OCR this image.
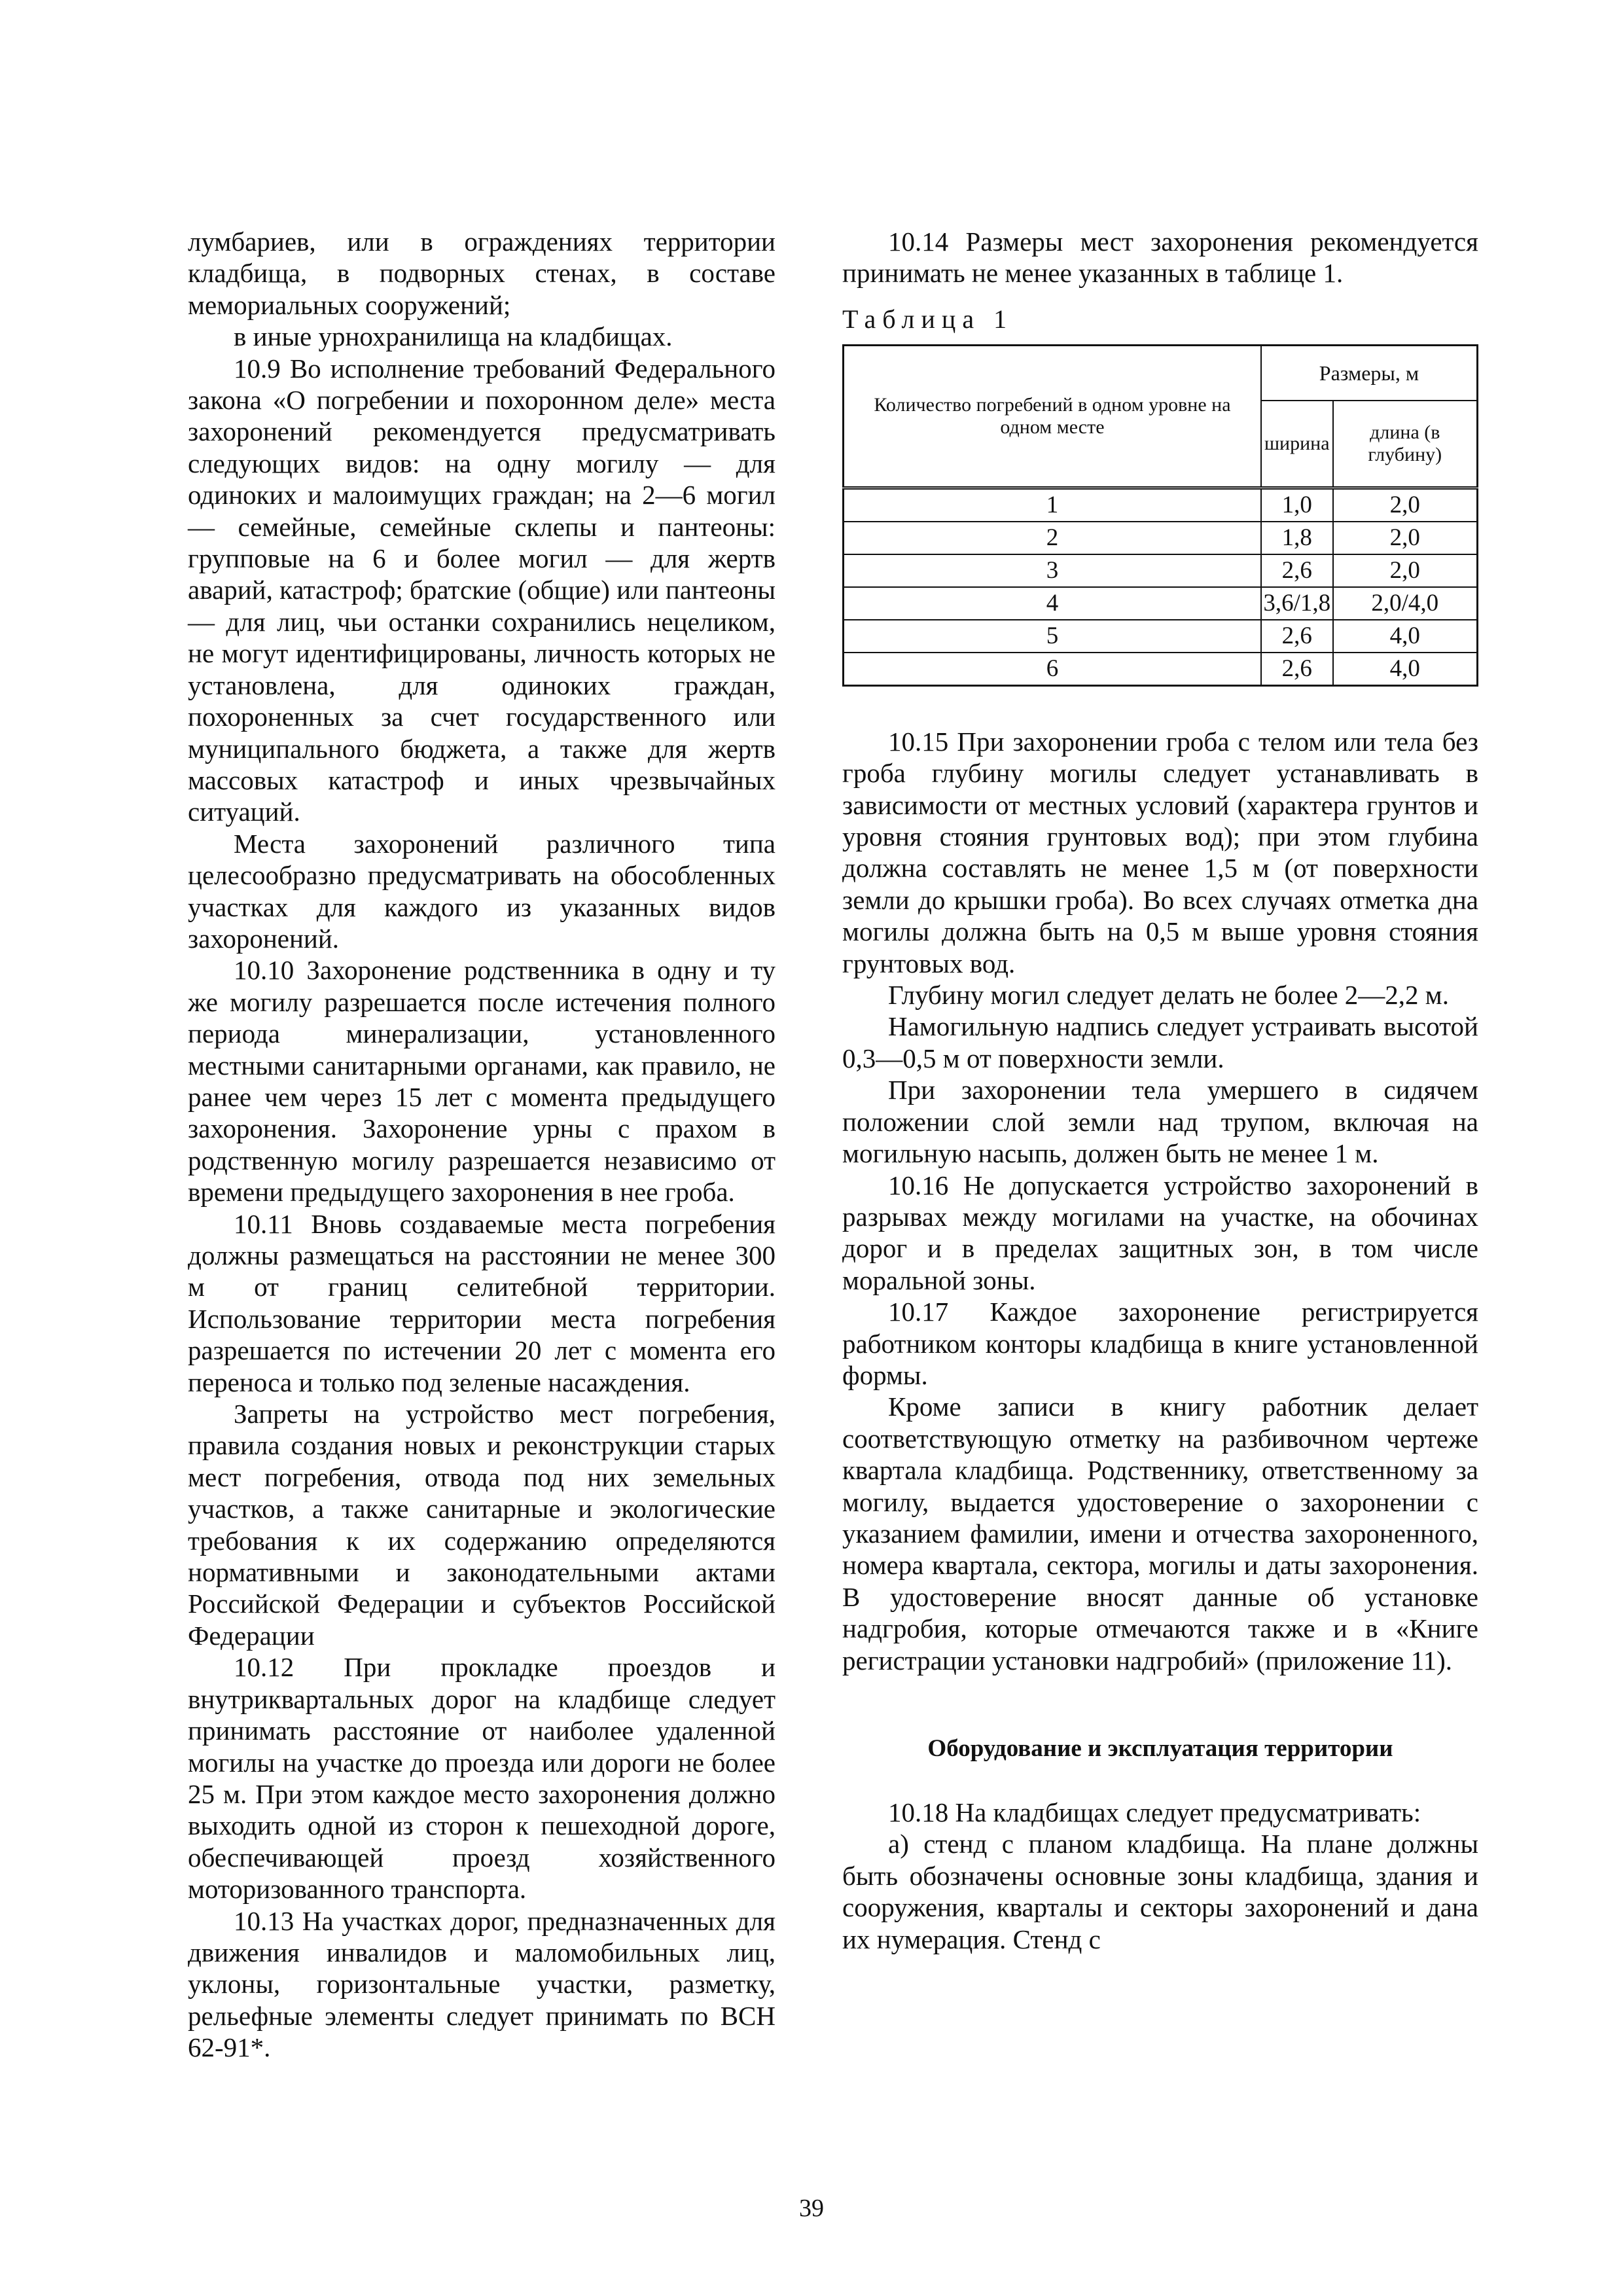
лумбариев, или в ограждениях территории кладбища, в подворных стенах, в составе мемориальных сооружений;

в иные урнохранилища на кладбищах.

10.9 Во исполнение требований Федерального закона «О погребении и похоронном деле» места захоронений рекомендуется предусматривать следующих видов: на одну могилу — для одиноких и малоимущих граждан; на 2—6 могил — семейные, семейные склепы и пантеоны: групповые на 6 и более могил — для жертв аварий, катастроф; братские (общие) или пантеоны — для лиц, чьи останки сохранились нецеликом, не могут идентифицированы, личность которых не установлена, для одиноких граждан, похороненных за счет государственного или муниципального бюджета, а также для жертв массовых катастроф и иных чрезвычайных ситуаций.

Места захоронений различного типа целесообразно предусматривать на обособленных участках для каждого из указанных видов захоронений.

10.10 Захоронение родственника в одну и ту же могилу разрешается после истечения полного периода минерализации, установленного местными санитарными органами, как правило, не ранее чем через 15 лет с момента предыдущего захоронения. Захоронение урны с прахом в родственную могилу разрешается независимо от времени предыдущего захоронения в нее гроба.

10.11 Вновь создаваемые места погребения должны размещаться на расстоянии не менее 300 м от границ селитебной территории. Использование территории места погребения разрешается по истечении 20 лет с момента его переноса и только под зеленые насаждения.

Запреты на устройство мест погребения, правила создания новых и реконструкции старых мест погребения, отвода под них земельных участков, а также санитарные и экологические требования к их содержанию определяются нормативными и законодательными актами Российской Федерации и субъектов Российской Федерации

10.12 При прокладке проездов и внутриквартальных дорог на кладбище следует принимать расстояние от наиболее удаленной могилы на участке до проезда или дороги не более 25 м. При этом каждое место захоронения должно выходить одной из сторон к пешеходной дороге, обеспечивающей проезд хозяйственного моторизованного транспорта.

10.13 На участках дорог, предназначенных для движения инвалидов и маломобильных лиц, уклоны, горизонтальные участки, разметку, рельефные элементы следует принимать по ВСН 62-91*.

10.14 Размеры мест захоронения рекомендуется принимать не менее указанных в таблице 1.

Таблица 1
Количество погребений в одном уровне на одном месте	Размеры, м	
	ширина	длина (в глубину)
1	1,0	2,0
2	1,8	2,0
3	2,6	2,0
4	3,6/1,8	2,0/4,0
5	2,6	4,0
6	2,6	4,0

10.15 При захоронении гроба с телом или тела без гроба глубину могилы следует устанавливать в зависимости от местных условий (характера грунтов и уровня стояния грунтовых вод); при этом глубина должна составлять не менее 1,5 м (от поверхности земли до крышки гроба). Во всех случаях отметка дна могилы должна быть на 0,5 м выше уровня стояния грунтовых вод.

Глубину могил следует делать не более 2—2,2 м.

Намогильную надпись следует устраивать высотой 0,3—0,5 м от поверхности земли.

При захоронении тела умершего в сидячем положении слой земли над трупом, включая на могильную насыпь, должен быть не менее 1 м.

10.16 Не допускается устройство захоронений в разрывах между могилами на участке, на обочинах дорог и в пределах защитных зон, в том числе моральной зоны.

10.17 Каждое захоронение регистрируется работником конторы кладбища в книге установленной формы.

Кроме записи в книгу работник делает соответствующую отметку на разбивочном чертеже квартала кладбища. Родственнику, ответственному за могилу, выдается удостоверение о захоронении с указанием фамилии, имени и отчества захороненного, номера квартала, сектора, могилы и даты захоронения. В удостоверение вносят данные об установке надгробия, которые отмечаются также и в «Книге регистрации установки надгробий» (приложение 11).

Оборудование и эксплуатация территории

10.18 На кладбищах следует предусматривать:

а) стенд с планом кладбища. На плане должны быть обозначены основные зоны кладбища, здания и сооружения, кварталы и секторы захоронений и дана их нумерация. Стенд с

39
